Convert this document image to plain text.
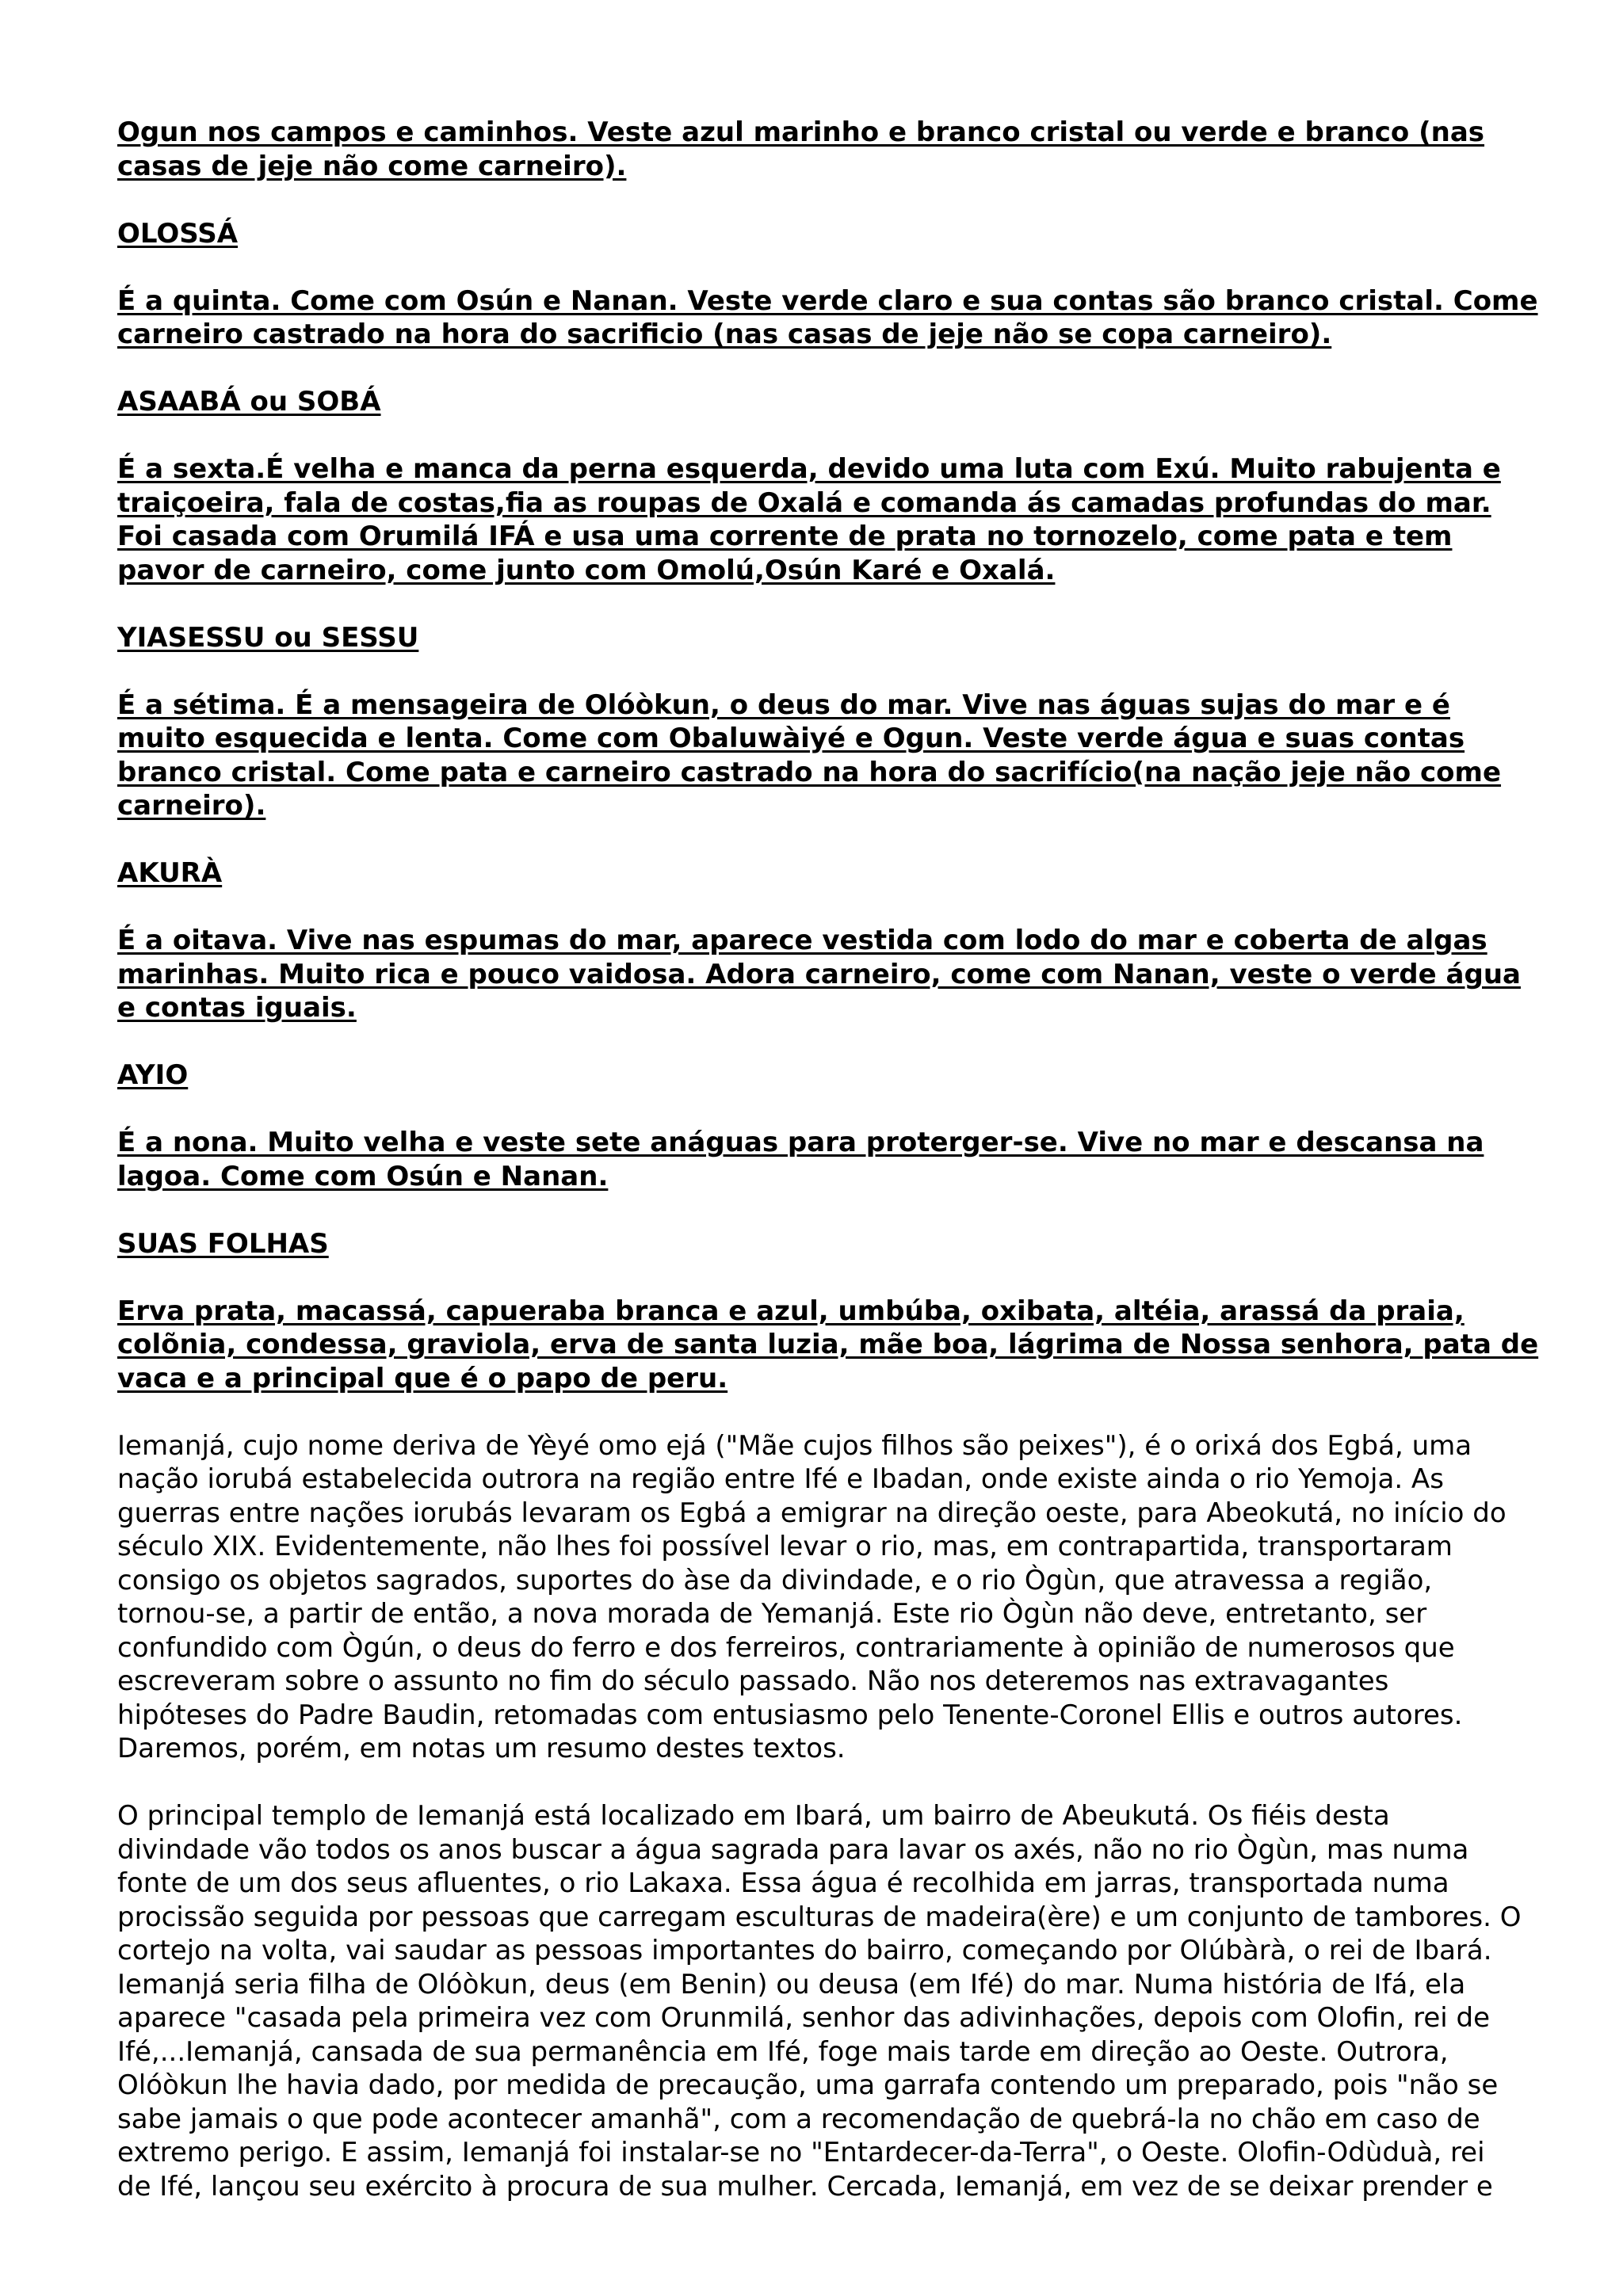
Ogun nos campos e caminhos. Veste azul marinho e branco cristal ou verde e branco (nas
casas de jeje não come carneiro).
OLOSSÁ
É a quinta. Come com Osún e Nanan. Veste verde claro e sua contas são branco cristal. Come
carneiro castrado na hora do sacrificio (nas casas de jeje não se copa carneiro).
ASAABÁ ou SOBÁ
É a sexta.É velha e manca da perna esquerda, devido uma luta com Exú. Muito rabujenta e
traiçoeira, fala de costas,fia as roupas de Oxalá e comanda ás camadas profundas do mar.
Foi casada com Orumilá IFÁ e usa uma corrente de prata no tornozelo, come pata e tem
pavor de carneiro, come junto com Omolú,Osún Karé e Oxalá.
YIASESSU ou SESSU
É a sétima. É a mensageira de Olóòkun, o deus do mar. Vive nas águas sujas do mar e é
muito esquecida e lenta. Come com Obaluwàiyé e Ogun. Veste verde água e suas contas
branco cristal. Come pata e carneiro castrado na hora do sacrifício(na nação jeje não come
carneiro).
AKURÀ
É a oitava. Vive nas espumas do mar, aparece vestida com lodo do mar e coberta de algas
marinhas. Muito rica e pouco vaidosa. Adora carneiro, come com Nanan, veste o verde água
e contas iguais.
AYIO
É a nona. Muito velha e veste sete anáguas para proterger-se. Vive no mar e descansa na
lagoa. Come com Osún e Nanan.
SUAS FOLHAS
Erva prata, macassá, capueraba branca e azul, umbúba, oxibata, altéia, arassá da praia,
colõnia, condessa, graviola, erva de santa luzia, mãe boa, lágrima de Nossa senhora, pata de
vaca e a principal que é o papo de peru.
Iemanjá, cujo nome deriva de Yèyé omo ejá ("Mãe cujos filhos são peixes"), é o orixá dos Egbá, uma
nação iorubá estabelecida outrora na região entre Ifé e Ibadan, onde existe ainda o rio Yemoja. As
guerras entre nações iorubás levaram os Egbá a emigrar na direção oeste, para Abeokutá, no início do
século XIX. Evidentemente, não lhes foi possível levar o rio, mas, em contrapartida, transportaram
consigo os objetos sagrados, suportes do àse da divindade, e o rio Ògùn, que atravessa a região,
tornou-se, a partir de então, a nova morada de Yemanjá. Este rio Ògùn não deve, entretanto, ser
confundido com Ògún, o deus do ferro e dos ferreiros, contrariamente à opinião de numerosos que
escreveram sobre o assunto no fim do século passado. Não nos deteremos nas extravagantes
hipóteses do Padre Baudin, retomadas com entusiasmo pelo Tenente-Coronel Ellis e outros autores.
Daremos, porém, em notas um resumo destes textos.
O principal templo de Iemanjá está localizado em Ibará, um bairro de Abeukutá. Os fiéis desta
divindade vão todos os anos buscar a água sagrada para lavar os axés, não no rio Ògùn, mas numa
fonte de um dos seus afluentes, o rio Lakaxa. Essa água é recolhida em jarras, transportada numa
procissão seguida por pessoas que carregam esculturas de madeira(ère) e um conjunto de tambores. O
cortejo na volta, vai saudar as pessoas importantes do bairro, começando por Olúbàrà, o rei de Ibará.
Iemanjá seria filha de Olóòkun, deus (em Benin) ou deusa (em Ifé) do mar. Numa história de Ifá, ela
aparece "casada pela primeira vez com Orunmilá, senhor das adivinhações, depois com Olofin, rei de
Ifé,...Iemanjá, cansada de sua permanência em Ifé, foge mais tarde em direção ao Oeste. Outrora,
Olóòkun lhe havia dado, por medida de precaução, uma garrafa contendo um preparado, pois "não se
sabe jamais o que pode acontecer amanhã", com a recomendação de quebrá-la no chão em caso de
extremo perigo. E assim, Iemanjá foi instalar-se no "Entardecer-da-Terra", o Oeste. Olofin-Odùduà, rei
de Ifé, lançou seu exército à procura de sua mulher. Cercada, Iemanjá, em vez de se deixar prender e
